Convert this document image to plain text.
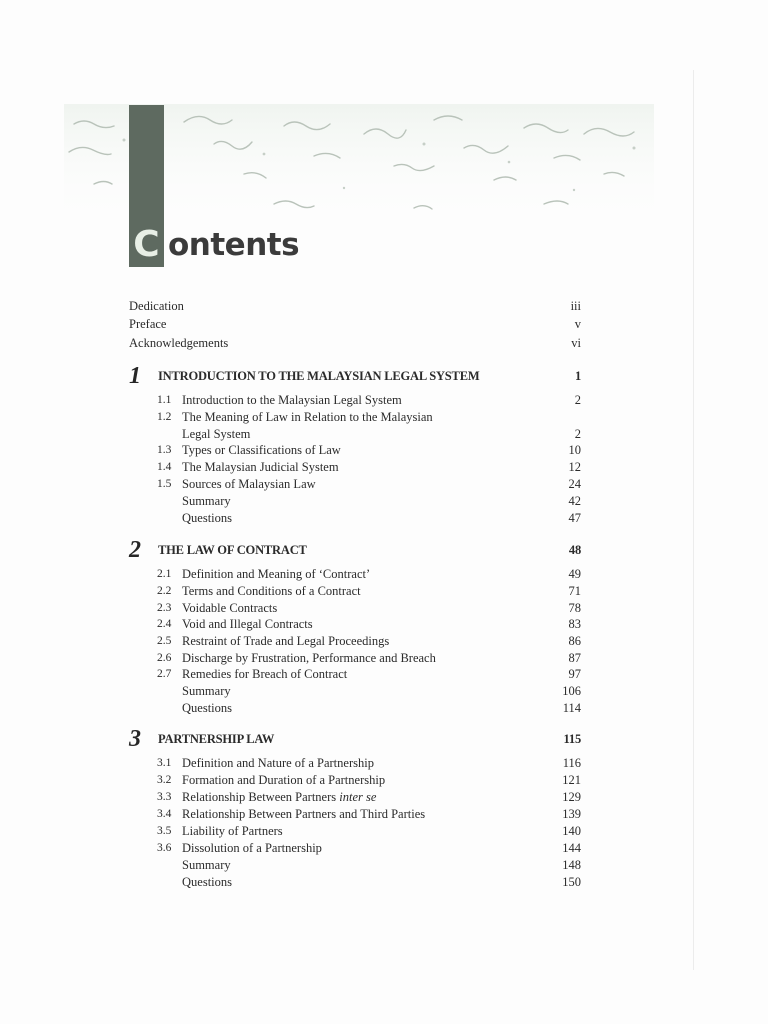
C ontents
Dedication	iii
Preface	v
Acknowledgements	vi
1 INTRODUCTION TO THE MALAYSIAN LEGAL SYSTEM	1
1.1 Introduction to the Malaysian Legal System	2
1.2 The Meaning of Law in Relation to the Malaysian
Legal System	2
1.3 Types or Classifications of Law	10
1.4 The Malaysian Judicial System	12
1.5 Sources of Malaysian Law	24
Summary	42
Questions	47
2 THE LAW OF CONTRACT	48
2.1 Definition and Meaning of ‘Contract’	49
2.2 Terms and Conditions of a Contract	71
2.3 Voidable Contracts	78
2.4 Void and Illegal Contracts	83
2.5 Restraint of Trade and Legal Proceedings	86
2.6 Discharge by Frustration, Performance and Breach	87
2.7 Remedies for Breach of Contract	97
Summary	106
Questions	114
3 PARTNERSHIP LAW	115
3.1 Definition and Nature of a Partnership	116
3.2 Formation and Duration of a Partnership	121
3.3 Relationship Between Partners inter se	129
3.4 Relationship Between Partners and Third Parties	139
3.5 Liability of Partners	140
3.6 Dissolution of a Partnership	144
Summary	148
Questions	150
